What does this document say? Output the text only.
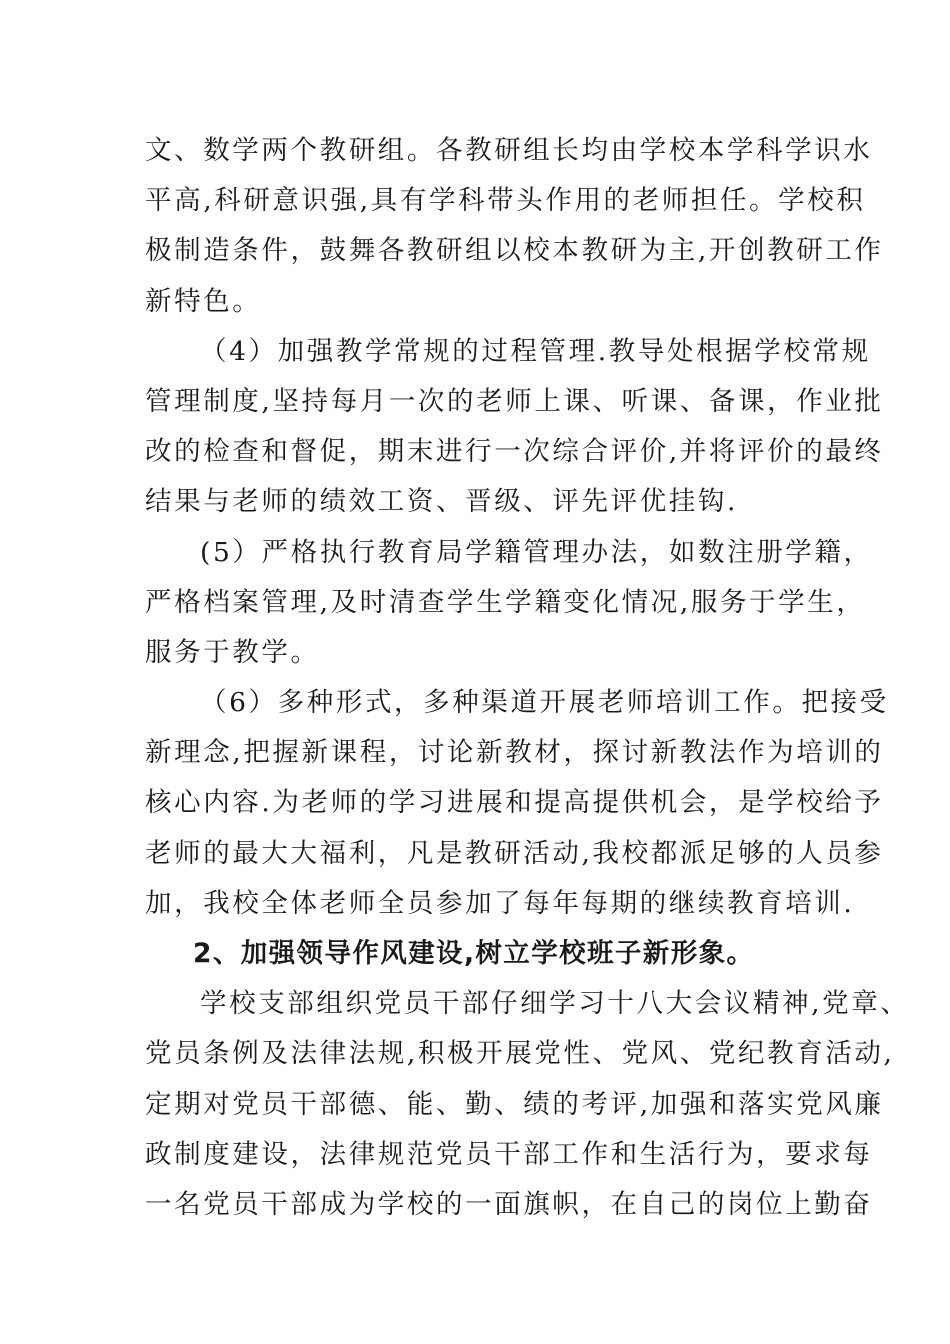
文、数学两个教研组。各教研组长均由学校本学科学识水
平高,科研意识强,具有学科带头作用的老师担任。学校积
极制造条件，鼓舞各教研组以校本教研为主,开创教研工作
新特色。
（4）加强教学常规的过程管理.教导处根据学校常规
管理制度,坚持每月一次的老师上课、听课、备课，作业批
改的检查和督促，期末进行一次综合评价,并将评价的最终
结果与老师的绩效工资、晋级、评先评优挂钩.
(5）严格执行教育局学籍管理办法，如数注册学籍，
严格档案管理,及时清查学生学籍变化情况,服务于学生，
服务于教学。
（6）多种形式，多种渠道开展老师培训工作。把接受
新理念,把握新课程，讨论新教材，探讨新教法作为培训的
核心内容.为老师的学习进展和提高提供机会，是学校给予
老师的最大大福利，凡是教研活动,我校都派足够的人员参
加，我校全体老师全员参加了每年每期的继续教育培训.
2、加强领导作风建设,树立学校班子新形象。
学校支部组织党员干部仔细学习十八大会议精神,党章、
党员条例及法律法规,积极开展党性、党风、党纪教育活动,
定期对党员干部德、能、勤、绩的考评,加强和落实党风廉
政制度建设，法律规范党员干部工作和生活行为，要求每
一名党员干部成为学校的一面旗帜，在自己的岗位上勤奋
